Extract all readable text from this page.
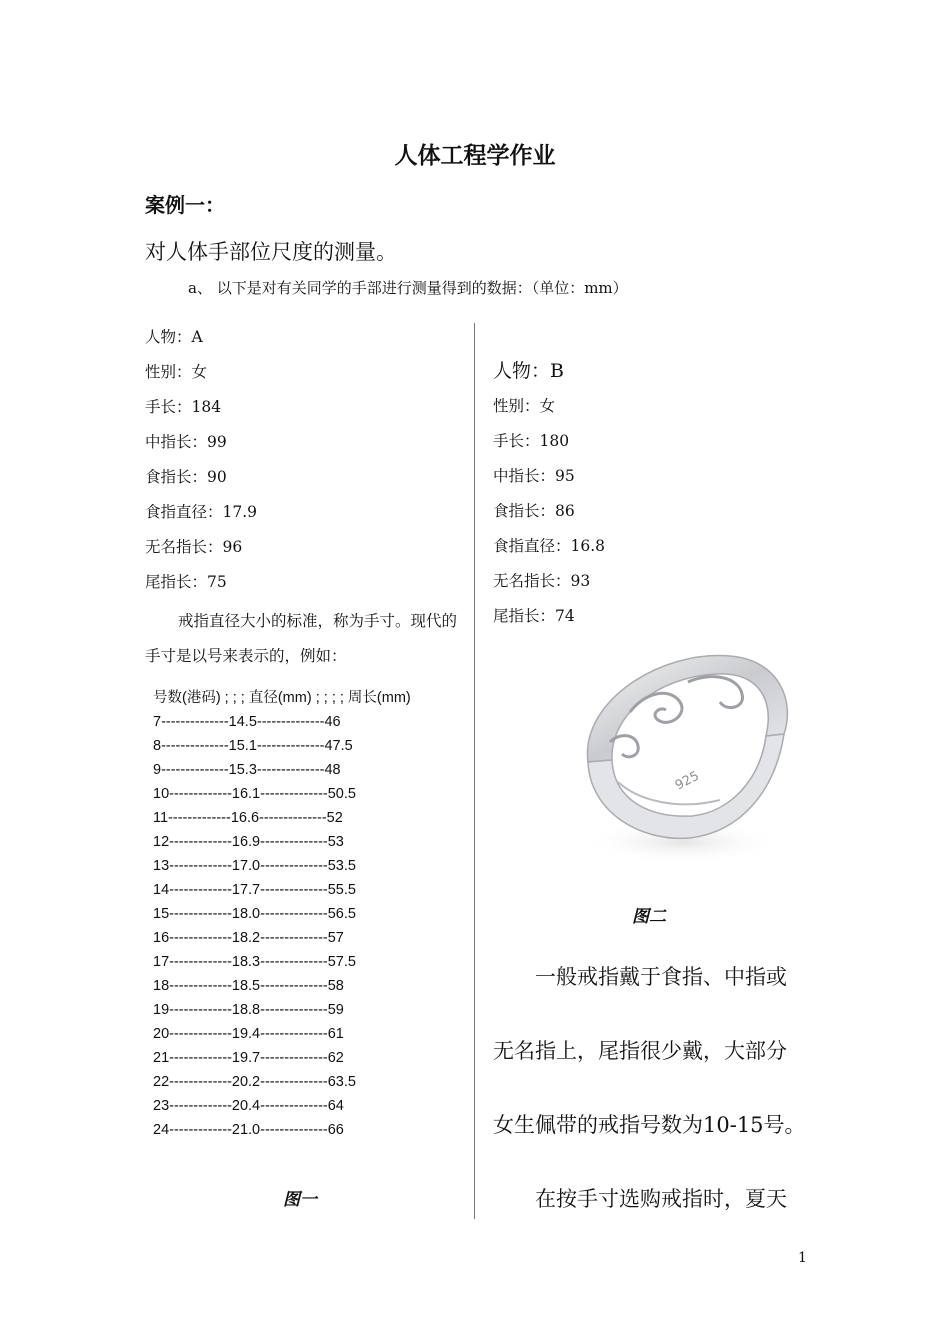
人体工程学作业
案例一：
对人体手部位尺度的测量。
a、 以下是对有关同学的手部进行测量得到的数据：（单位：mm）
人物：A
性别：女
手长：184
中指长：99
食指长：90
食指直径：17.9
无名指长：96
尾指长：75
戒指直径大小的标准，称为手寸。现代的手寸是以号来表示的，例如：
号数(港码) ; ; ; 直径(mm) ; ; ; ; 周长(mm)
7--------------14.5--------------46
8--------------15.1--------------47.5
9--------------15.3--------------48
10-------------16.1--------------50.5
11-------------16.6--------------52
12-------------16.9--------------53
13-------------17.0--------------53.5
14-------------17.7--------------55.5
15-------------18.0--------------56.5
16-------------18.2--------------57
17-------------18.3--------------57.5
18-------------18.5--------------58
19-------------18.8--------------59
20-------------19.4--------------61
21-------------19.7--------------62
22-------------20.2--------------63.5
23-------------20.4--------------64
24-------------21.0--------------66
图一
人物：B
性别：女
手长：180
中指长：95
食指长：86
食指直径：16.8
无名指长：93
尾指长：74
925
图二
　　一般戒指戴于食指、中指或
无名指上，尾指很少戴，大部分
女生佩带的戒指号数为10-15号。
　　在按手寸选购戒指时，夏天
1
